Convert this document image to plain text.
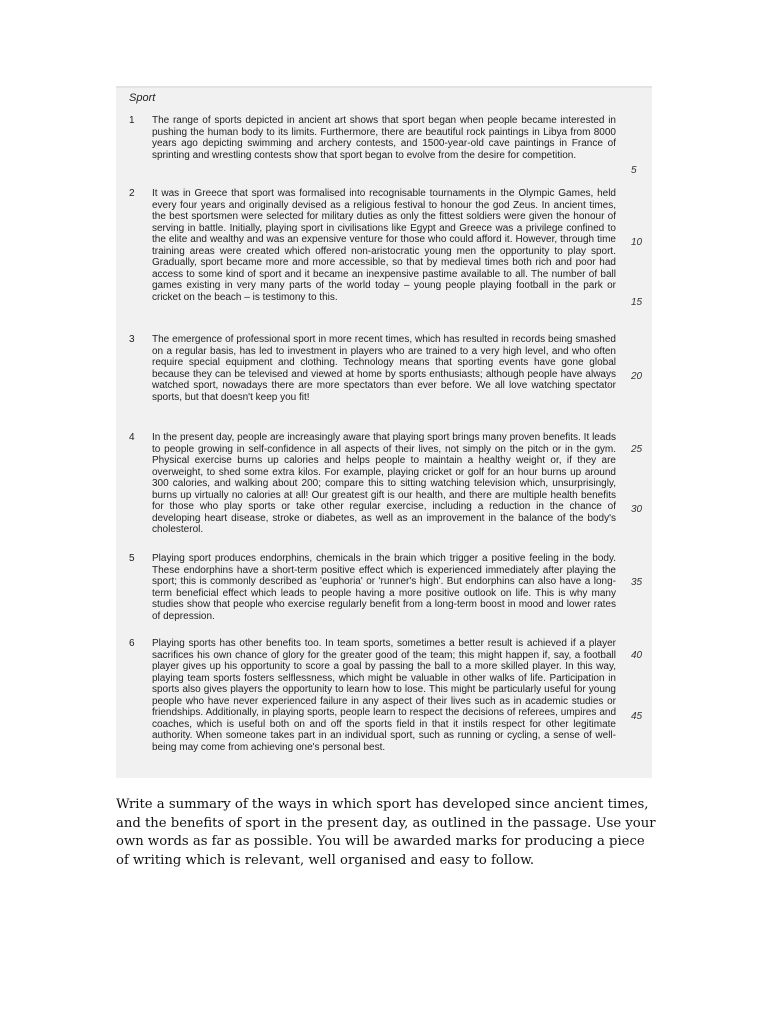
Sport
1 The range of sports depicted in ancient art shows that sport began when people became interested in pushing the human body to its limits. Furthermore, there are beautiful rock paintings in Libya from 8000 years ago depicting swimming and archery contests, and 1500-year-old cave paintings in France of sprinting and wrestling contests show that sport began to evolve from the desire for competition.
2 It was in Greece that sport was formalised into recognisable tournaments in the Olympic Games, held every four years and originally devised as a religious festival to honour the god Zeus. In ancient times, the best sportsmen were selected for military duties as only the fittest soldiers were given the honour of serving in battle. Initially, playing sport in civilisations like Egypt and Greece was a privilege confined to the elite and wealthy and was an expensive venture for those who could afford it. However, through time training areas were created which offered non-aristocratic young men the opportunity to play sport. Gradually, sport became more and more accessible, so that by medieval times both rich and poor had access to some kind of sport and it became an inexpensive pastime available to all. The number of ball games existing in very many parts of the world today – young people playing football in the park or cricket on the beach – is testimony to this.
3 The emergence of professional sport in more recent times, which has resulted in records being smashed on a regular basis, has led to investment in players who are trained to a very high level, and who often require special equipment and clothing. Technology means that sporting events have gone global because they can be televised and viewed at home by sports enthusiasts; although people have always watched sport, nowadays there are more spectators than ever before. We all love watching spectator sports, but that doesn't keep you fit!
4 In the present day, people are increasingly aware that playing sport brings many proven benefits. It leads to people growing in self-confidence in all aspects of their lives, not simply on the pitch or in the gym. Physical exercise burns up calories and helps people to maintain a healthy weight or, if they are overweight, to shed some extra kilos. For example, playing cricket or golf for an hour burns up around 300 calories, and walking about 200; compare this to sitting watching television which, unsurprisingly, burns up virtually no calories at all! Our greatest gift is our health, and there are multiple health benefits for those who play sports or take other regular exercise, including a reduction in the chance of developing heart disease, stroke or diabetes, as well as an improvement in the balance of the body's cholesterol.
5 Playing sport produces endorphins, chemicals in the brain which trigger a positive feeling in the body. These endorphins have a short-term positive effect which is experienced immediately after playing the sport; this is commonly described as 'euphoria' or 'runner's high'. But endorphins can also have a long-term beneficial effect which leads to people having a more positive outlook on life. This is why many studies show that people who exercise regularly benefit from a long-term boost in mood and lower rates of depression.
6 Playing sports has other benefits too. In team sports, sometimes a better result is achieved if a player sacrifices his own chance of glory for the greater good of the team; this might happen if, say, a football player gives up his opportunity to score a goal by passing the ball to a more skilled player. In this way, playing team sports fosters selflessness, which might be valuable in other walks of life. Participation in sports also gives players the opportunity to learn how to lose. This might be particularly useful for young people who have never experienced failure in any aspect of their lives such as in academic studies or friendships. Additionally, in playing sports, people learn to respect the decisions of referees, umpires and coaches, which is useful both on and off the sports field in that it instils respect for other legitimate authority. When someone takes part in an individual sport, such as running or cycling, a sense of well-being may come from achieving one's personal best.
5
10
15
20
25
30
35
40
45
Write a summary of the ways in which sport has developed since ancient times, and the benefits of sport in the present day, as outlined in the passage. Use your own words as far as possible. You will be awarded marks for producing a piece of writing which is relevant, well organised and easy to follow.
